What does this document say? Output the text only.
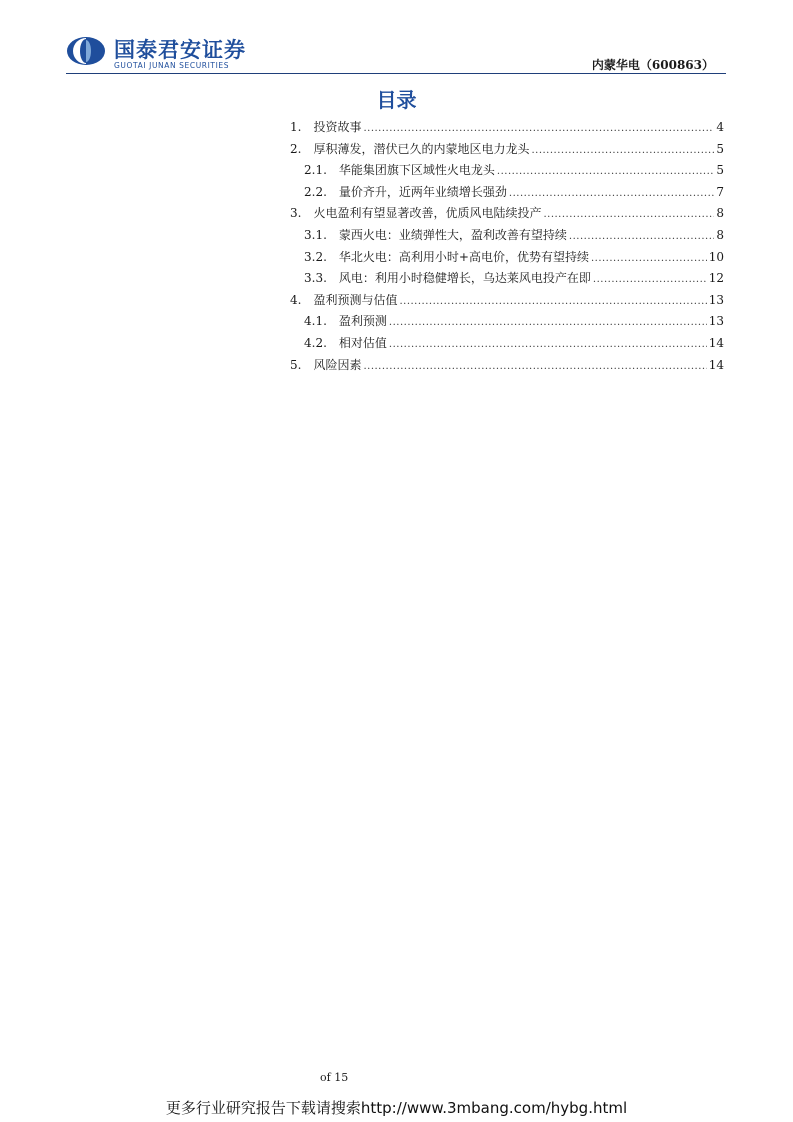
国泰君安证券
GUOTAI JUNAN SECURITIES	内蒙华电（600863）
目录
1. 投资故事 .....	4
2. 厚积薄发，潜伏已久的内蒙地区电力龙头 .....	5
2.1. 华能集团旗下区域性火电龙头 .....	5
2.2. 量价齐升，近两年业绩增长强劲 .....	7
3. 火电盈利有望显著改善，优质风电陆续投产 .....	8
3.1. 蒙西火电：业绩弹性大，盈利改善有望持续 .....	8
3.2. 华北火电：高利用小时+高电价，优势有望持续 .....	10
3.3. 风电：利用小时稳健增长，乌达莱风电投产在即 .....	12
4. 盈利预测与估值 .....	13
4.1. 盈利预测 .....	13
4.2. 相对估值 .....	14
5. 风险因素 .....	14
of 15
更多行业研究报告下载请搜索http://www.3mbang.com/hybg.html
